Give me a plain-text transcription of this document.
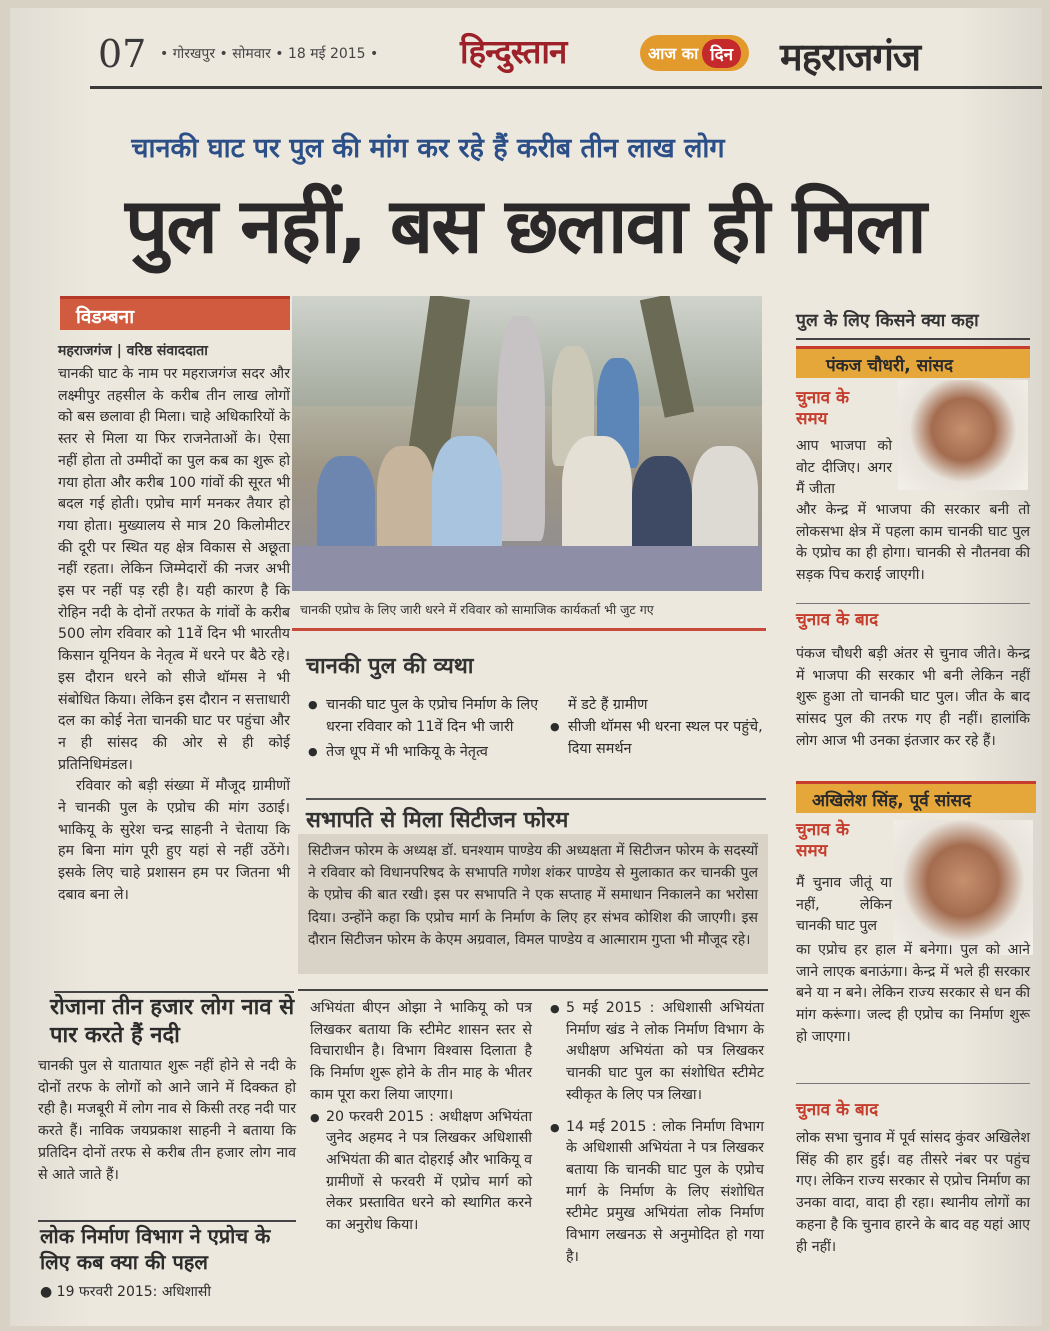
07 • गोरखपुर • सोमवार • 18 मई 2015 • हिन्दुस्तान	आज का दिन महराजगंज
चानकी घाट पर पुल की मांग कर रहे हैं करीब तीन लाख लोग
पुल नहीं, बस छलावा ही मिला
विडम्बना
महराजगंज | वरिष्ठ संवाददाता

चानकी घाट के नाम पर महराजगंज सदर और लक्ष्मीपुर तहसील के करीब तीन लाख लोगों को बस छलावा ही मिला। चाहे अधिकारियों के स्तर से मिला या फिर राजनेताओं के। ऐसा नहीं होता तो उम्मीदों का पुल कब का शुरू हो गया होता और करीब 100 गांवों की सूरत भी बदल गई होती। एप्रोच मार्ग मनकर तैयार हो गया होता। मुख्यालय से मात्र 20 किलोमीटर की दूरी पर स्थित यह क्षेत्र विकास से अछूता नहीं रहता। लेकिन जिम्मेदारों की नजर अभी इस पर नहीं पड़ रही है। यही कारण है कि रोहिन नदी के दोनों तरफत के गांवों के करीब 500 लोग रविवार को 11वें दिन भी भारतीय किसान यूनियन के नेतृत्व में धरने पर बैठे रहे। इस दौरान धरने को सीजे थॉमस ने भी संबोधित किया। लेकिन इस दौरान न सत्ताधारी दल का कोई नेता चानकी घाट पर पहुंचा और न ही सांसद की ओर से ही कोई प्रतिनिधिमंडल।

रविवार को बड़ी संख्या में मौजूद ग्रामीणों ने चानकी पुल के एप्रोच की मांग उठाई। भाकियू के सुरेश चन्द्र साहनी ने चेताया कि हम बिना मांग पूरी हुए यहां से नहीं उठेंगे। इसके लिए चाहे प्रशासन हम पर जितना भी दबाव बना ले।

रोजाना तीन हजार लोग नाव से पार करते हैं नदी
चानकी पुल से यातायात शुरू नहीं होने से नदी के दोनों तरफ के लोगों को आने जाने में दिक्कत हो रही है। मजबूरी में लोग नाव से किसी तरह नदी पार करते हैं। नाविक जयप्रकाश साहनी ने बताया कि प्रतिदिन दोनों तरफ से करीब तीन हजार लोग नाव से आते जाते हैं।
लोक निर्माण विभाग ने एप्रोच के लिए कब क्या की पहल
● 19 फरवरी 2015: अधिशासी
चानकी एप्रोच के लिए जारी धरने में रविवार को सामाजिक कार्यकर्ता भी जुट गए
चानकी पुल की व्यथा
● चानकी घाट पुल के एप्रोच निर्माण के लिए धरना रविवार को 11वें दिन भी जारी
● तेज धूप में भी भाकियू के नेतृत्व
में डटे हैं ग्रामीण
● सीजी थॉमस भी धरना स्थल पर पहुंचे, दिया समर्थन
सभापति से मिला सिटीजन फोरम
सिटीजन फोरम के अध्यक्ष डॉ. घनश्याम पाण्डेय की अध्यक्षता में सिटीजन फोरम के सदस्यों ने रविवार को विधानपरिषद के सभापति गणेश शंकर पाण्डेय से मुलाकात कर चानकी पुल के एप्रोच की बात रखी। इस पर सभापति ने एक सप्ताह में समाधान निकालने का भरोसा दिया। उन्होंने कहा कि एप्रोच मार्ग के निर्माण के लिए हर संभव कोशिश की जाएगी। इस दौरान सिटीजन फोरम के केएम अग्रवाल, विमल पाण्डेय व आत्माराम गुप्ता भी मौजूद रहे।

अभियंता बीएन ओझा ने भाकियू को पत्र लिखकर बताया कि स्टीमेट शासन स्तर से विचाराधीन है। विभाग विश्वास दिलाता है कि निर्माण शुरू होने के तीन माह के भीतर काम पूरा करा लिया जाएगा।

● 20 फरवरी 2015 : अधीक्षण अभियंता जुनेद अहमद ने पत्र लिखकर अधिशासी अभियंता की बात दोहराई और भाकियू व ग्रामीणों से फरवरी में एप्रोच मार्ग को लेकर प्रस्तावित धरने को स्थागित करने का अनुरोध किया।

● 5 मई 2015 : अधिशासी अभियंता निर्माण खंड ने लोक निर्माण विभाग के अधीक्षण अभियंता को पत्र लिखकर चानकी घाट पुल का संशोधित स्टीमेट स्वीकृत के लिए पत्र लिखा।

● 14 मई 2015 : लोक निर्माण विभाग के अधिशासी अभियंता ने पत्र लिखकर बताया कि चानकी घाट पुल के एप्रोच मार्ग के निर्माण के लिए संशोधित स्टीमेट प्रमुख अभियंता लोक निर्माण विभाग लखनऊ से अनुमोदित हो गया है।

पुल के लिए किसने क्या कहा
पंकज चौधरी, सांसद
चुनाव के समय
आप भाजपा को वोट दीजिए। अगर मैं जीता
और केन्द्र में भाजपा की सरकार बनी तो लोकसभा क्षेत्र में पहला काम चानकी घाट पुल के एप्रोच का ही होगा। चानकी से नौतनवा की सड़क पिच कराई जाएगी।
चुनाव के बाद
पंकज चौधरी बड़ी अंतर से चुनाव जीते। केन्द्र में भाजपा की सरकार भी बनी लेकिन नहीं शुरू हुआ तो चानकी घाट पुल। जीत के बाद सांसद पुल की तरफ गए ही नहीं। हालांकि लोग आज भी उनका इंतजार कर रहे हैं।
अखिलेश सिंह, पूर्व सांसद
चुनाव के समय
मैं चुनाव जीतूं या नहीं, लेकिन चानकी घाट पुल
का एप्रोच हर हाल में बनेगा। पुल को आने जाने लाएक बनाऊंगा। केन्द्र में भले ही सरकार बने या न बने। लेकिन राज्य सरकार से धन की मांग करूंगा। जल्द ही एप्रोच का निर्माण शुरू हो जाएगा।
चुनाव के बाद
लोक सभा चुनाव में पूर्व सांसद कुंवर अखिलेश सिंह की हार हुई। वह तीसरे नंबर पर पहुंच गए। लेकिन राज्य सरकार से एप्रोच निर्माण का उनका वादा, वादा ही रहा। स्थानीय लोगों का कहना है कि चुनाव हारने के बाद वह यहां आए ही नहीं।
